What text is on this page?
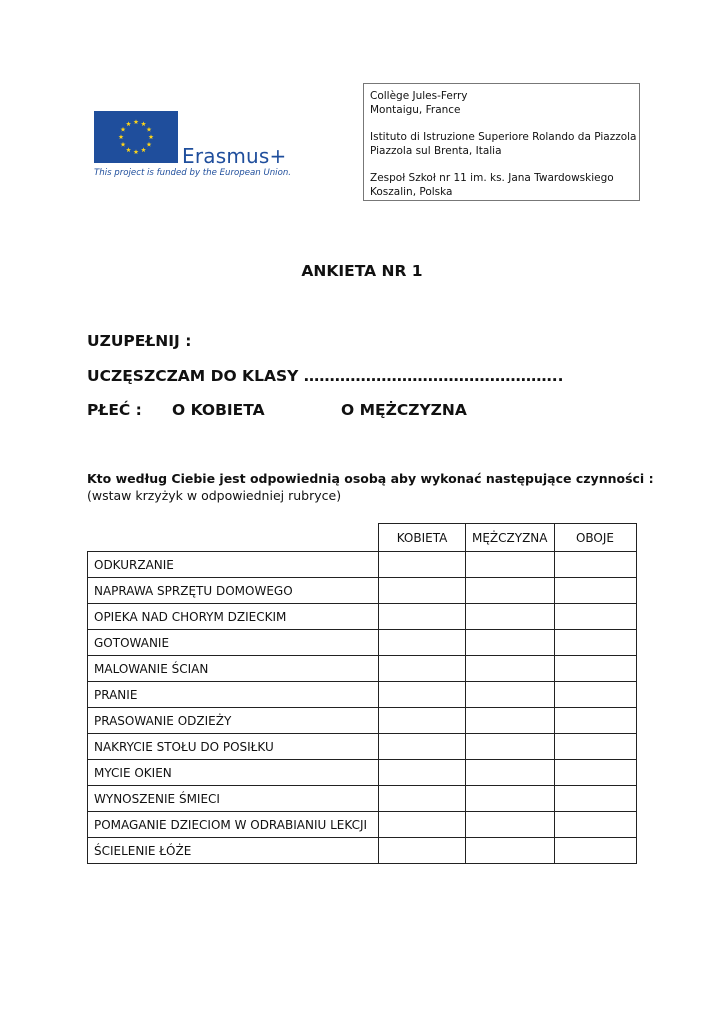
Erasmus+
This project is funded by the European Union.
Collège Jules-Ferry
Montaigu, France
Istituto di Istruzione Superiore Rolando da Piazzola
Piazzola sul Brenta, Italia
Zespoł Szkoł nr 11 im. ks. Jana Twardowskiego
Koszalin, Polska
ANKIETA NR 1
UZUPEŁNIJ :
UCZĘSZCZAM DO KLASY …………………………………………..
PŁEĆ : O KOBIETA	O MĘŻCZYZNA
Kto według Ciebie jest odpowiednią osobą aby wykonać następujące czynności :
(wstaw krzyżyk w odpowiedniej rubryce)
	KOBIETA	MĘŻCZYZNA	OBOJE
ODKURZANIE			
NAPRAWA SPRZĘTU DOMOWEGO			
OPIEKA NAD CHORYM DZIECKIM			
GOTOWANIE			
MALOWANIE ŚCIAN			
PRANIE			
PRASOWANIE ODZIEŻY			
NAKRYCIE STOŁU DO POSIŁKU			
MYCIE OKIEN			
WYNOSZENIE ŚMIECI			
POMAGANIE DZIECIOM W ODRABIANIU LEKCJI			
ŚCIELENIE ŁÓŻE			
